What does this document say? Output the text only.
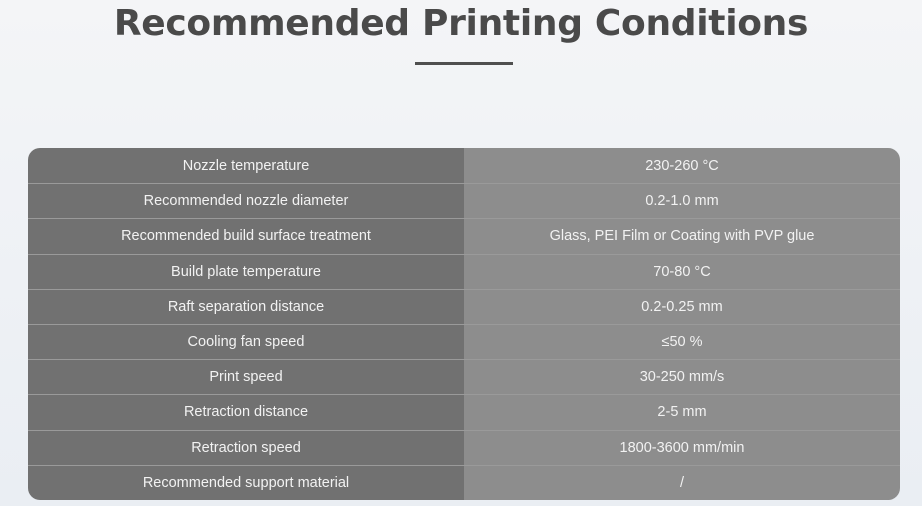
Recommended Printing Conditions
Nozzle temperature	230-260 °C
Recommended nozzle diameter	0.2-1.0 mm
Recommended build surface treatment	Glass, PEI Film or Coating with PVP glue
Build plate temperature	70-80 °C
Raft separation distance	0.2-0.25 mm
Cooling fan speed	≤50 %
Print speed	30-250 mm/s
Retraction distance	2-5 mm
Retraction speed	1800-3600 mm/min
Recommended support material	/
